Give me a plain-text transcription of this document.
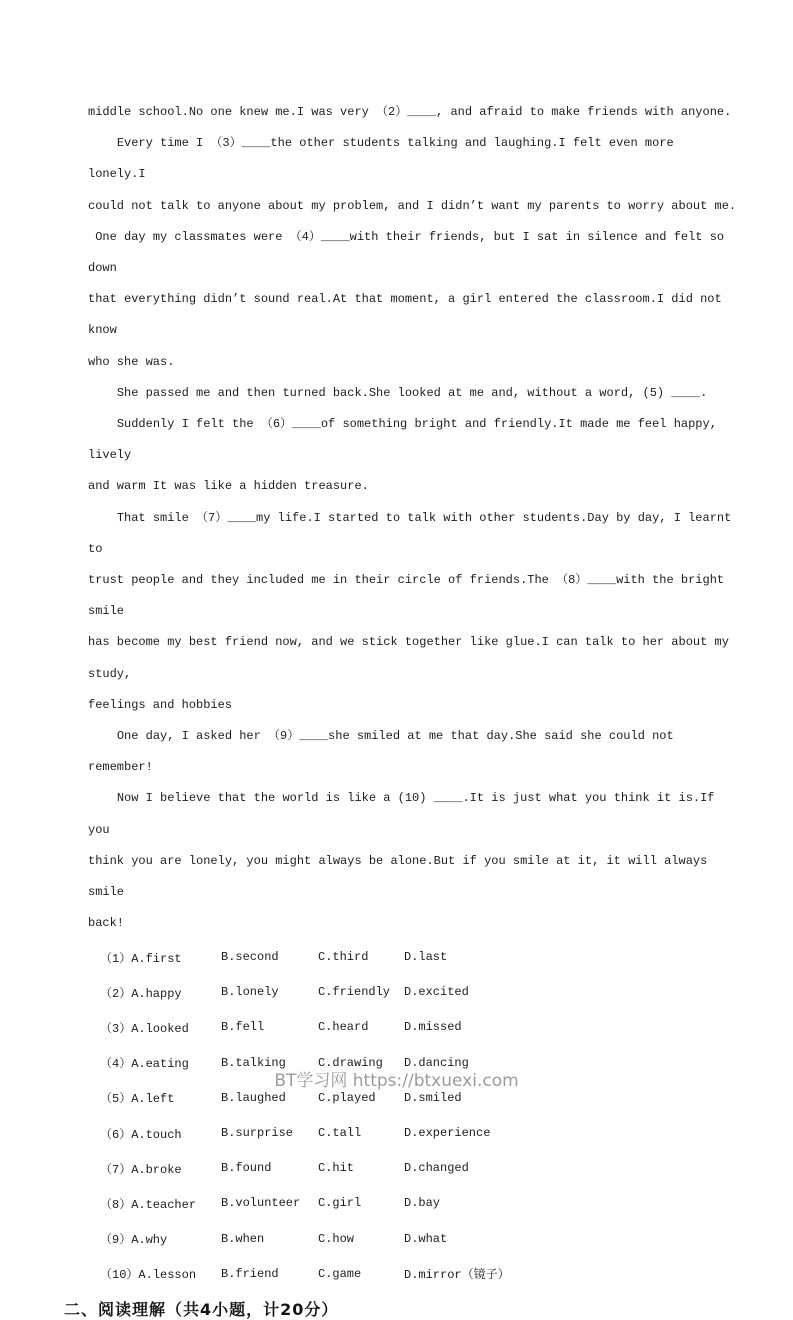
middle school.No one knew me.I was very （2）____, and afraid to make friends with anyone.
Every time I （3）____the other students talking and laughing.I felt even more lonely.I
could not talk to anyone about my problem, and I didn’t want my parents to worry about me.
One day my classmates were （4）____with their friends, but I sat in silence and felt so down
that everything didn’t sound real.At that moment, a girl entered the classroom.I did not know
who she was.
She passed me and then turned back.She looked at me and, without a word, (5) ____.
Suddenly I felt the （6）____of something bright and friendly.It made me feel happy, lively
and warm It was like a hidden treasure.
That smile （7）____my life.I started to talk with other students.Day by day, I learnt to
trust people and they included me in their circle of friends.The （8）____with the bright smile
has become my best friend now, and we stick together like glue.I can talk to her about my study,
feelings and hobbies
One day, I asked her （9）____she smiled at me that day.She said she could not remember!
Now I believe that the world is like a (10) ____.It is just what you think it is.If you
think you are lonely, you might always be alone.But if you smile at it, it will always smile
back!
（1）A.first	B.second	C.third	D.last
（2）A.happy	B.lonely	C.friendly	D.excited
（3）A.looked	B.fell	C.heard	D.missed
（4）A.eating	B.talking	C.drawing	D.dancing
（5）A.left	B.laughed	C.played	D.smiled
（6）A.touch	B.surprise	C.tall	D.experience
（7）A.broke	B.found	C.hit	D.changed
（8）A.teacher	B.volunteer	C.girl	D.bay
（9）A.why	B.when	C.how	D.what
（10）A.lesson	B.friend	C.game	D.mirror（镜子）
二、阅读理解（共4小题，计20分）
BT学习网 https://btxuexi.com
